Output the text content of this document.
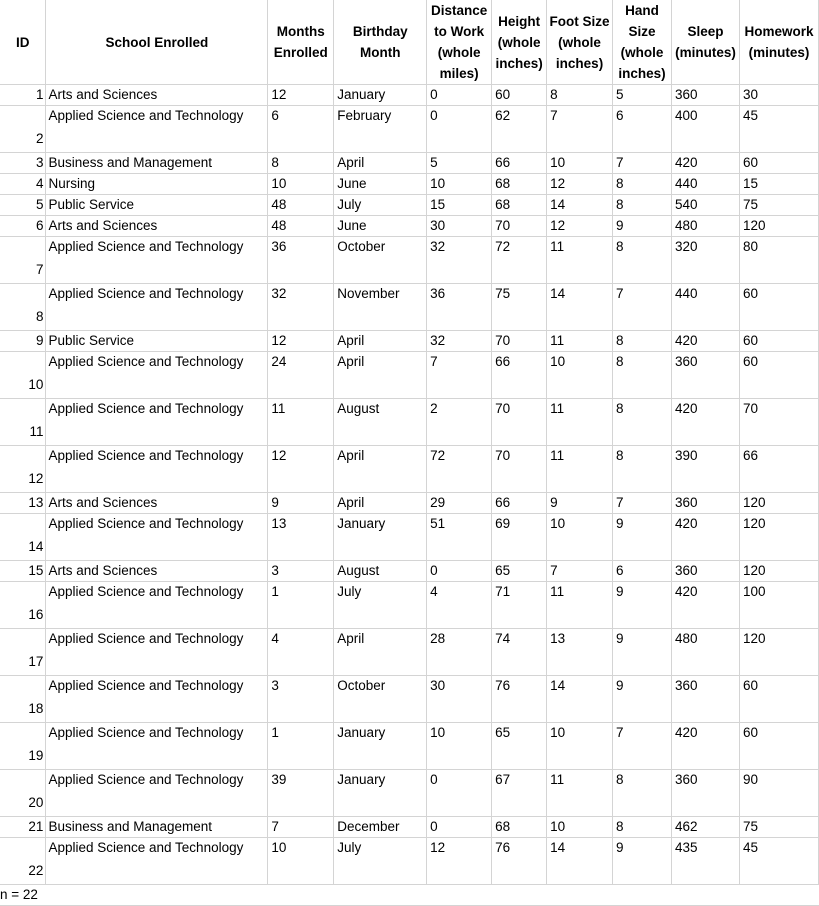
ID	School Enrolled	Months Enrolled	Birthday Month	Distance to Work (whole miles)	Height (whole inches)	Foot Size (whole inches)	Hand Size (whole inches)	Sleep (minutes)	Homework (minutes)
1	Arts and Sciences	12	January	0	60	8	5	360	30
2	Applied Science and Technology	6	February	0	62	7	6	400	45
3	Business and Management	8	April	5	66	10	7	420	60
4	Nursing	10	June	10	68	12	8	440	15
5	Public Service	48	July	15	68	14	8	540	75
6	Arts and Sciences	48	June	30	70	12	9	480	120
7	Applied Science and Technology	36	October	32	72	11	8	320	80
8	Applied Science and Technology	32	November	36	75	14	7	440	60
9	Public Service	12	April	32	70	11	8	420	60
10	Applied Science and Technology	24	April	7	66	10	8	360	60
11	Applied Science and Technology	11	August	2	70	11	8	420	70
12	Applied Science and Technology	12	April	72	70	11	8	390	66
13	Arts and Sciences	9	April	29	66	9	7	360	120
14	Applied Science and Technology	13	January	51	69	10	9	420	120
15	Arts and Sciences	3	August	0	65	7	6	360	120
16	Applied Science and Technology	1	July	4	71	11	9	420	100
17	Applied Science and Technology	4	April	28	74	13	9	480	120
18	Applied Science and Technology	3	October	30	76	14	9	360	60
19	Applied Science and Technology	1	January	10	65	10	7	420	60
20	Applied Science and Technology	39	January	0	67	11	8	360	90
21	Business and Management	7	December	0	68	10	8	462	75
22	Applied Science and Technology	10	July	12	76	14	9	435	45
n = 22									
